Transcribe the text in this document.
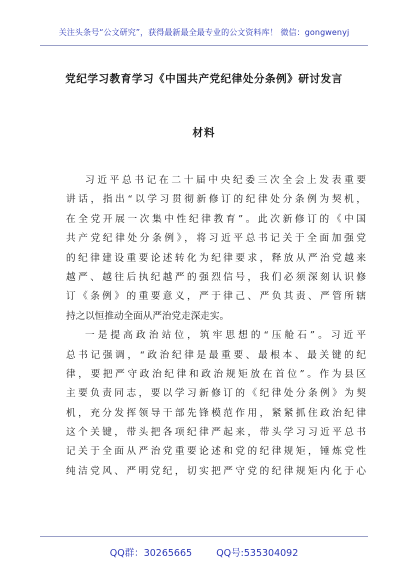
关注头条号“公文研究”，获得最新最全最专业的公文资料库！ 微信：gongwenyj
党纪学习教育学习《中国共产党纪律处分条例》研讨发言
材料
习近平总书记在二十届中央纪委三次全会上发表重要
讲话，指出“以学习贯彻新修订的纪律处分条例为契机，
在全党开展一次集中性纪律教育”。此次新修订的《中国
共产党纪律处分条例》，将习近平总书记关于全面加强党
的纪律建设重要论述转化为纪律要求，释放从严治党越来
越严、越往后执纪越严的强烈信号，我们必须深刻认识修
订《条例》的重要意义，严于律己、严负其责、严管所辖
持之以恒推动全面从严治党走深走实。
一是提高政治站位，筑牢思想的“压舱石”。习近平
总书记强调，“政治纪律是最重要、最根本、最关键的纪
律，要把严守政治纪律和政治规矩放在首位”。作为县区
主要负责同志，要以学习新修订的《纪律处分条例》为契
机，充分发挥领导干部先锋模范作用，紧紧抓住政治纪律
这个关键，带头把各项纪律严起来，带头学习习近平总书
记关于全面从严治党重要论述和党的纪律规矩，锤炼党性
纯洁党风、严明党纪，切实把严守党的纪律规矩内化于心
QQ群：30265665        QQ号:535304092
